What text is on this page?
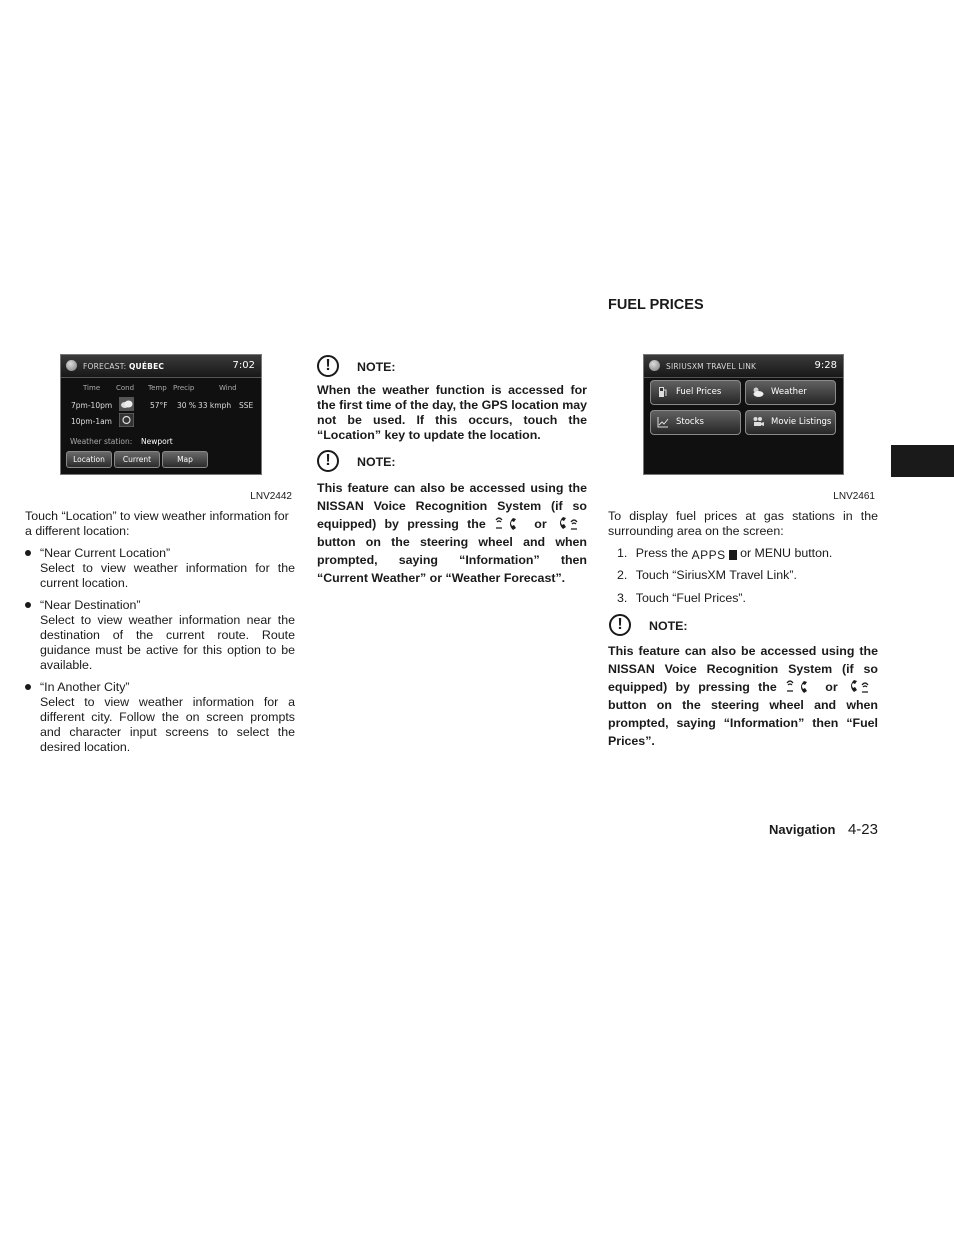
FORECAST: QUÉBEC	7:02
Time Cond Temp Precip	Wind
7pm-10pm	57°F 30 % 33 kmph SSE
10pm-1am
Weather station: Newport
Location	Current	Map
LNV2442
Touch “Location” to view weather information for a different location:
“Near Current Location”
Select to view weather information for the current location.
“Near Destination”
Select to view weather information near the destination of the current route. Route guidance must be active for this option to be available.
“In Another City”
Select to view weather information for a different city. Follow the on screen prompts and character input screens to select the desired location.
!	NOTE:
When the weather function is accessed for the first time of the day, the GPS location may not be used. If this occurs, touch the “Location” key to update the location.
!	NOTE:
This feature can also be accessed using the NISSAN Voice Recognition System (if so equipped) by pressing the	or  button on the steering wheel and when prompted, saying “Information” then “Current Weather” or “Weather Forecast”.
FUEL PRICES
SIRIUSXM TRAVEL LINK	9:28
Fuel Prices	Weather
Stocks	Movie Listings
LNV2461
To display fuel prices at gas stations in the surrounding area on the screen:
1. Press the APPS or MENU button.
2. Touch “SiriusXM Travel Link”.
3. Touch “Fuel Prices”.
!	NOTE:
This feature can also be accessed using the NISSAN Voice Recognition System (if so equipped) by pressing the	or  button on the steering wheel and when prompted, saying “Information” then “Fuel Prices”.
Navigation 4-23
